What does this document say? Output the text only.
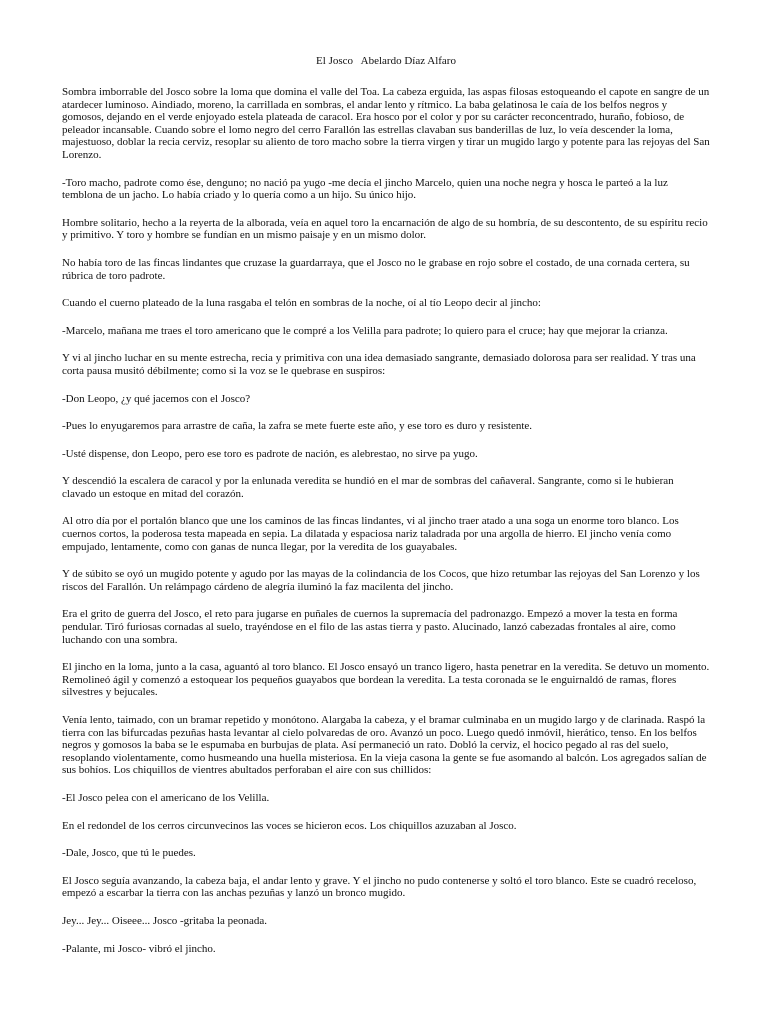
El Josco   Abelardo Díaz Alfaro

Sombra imborrable del Josco sobre la loma que domina el valle del Toa. La cabeza erguida, las aspas filosas estoqueando el capote en sangre de un atardecer luminoso. Aindiado, moreno, la carrillada en sombras, el andar lento y rítmico. La baba gelatinosa le caía de los belfos negros y gomosos, dejando en el verde enjoyado estela plateada de caracol. Era hosco por el color y por su carácter reconcentrado, huraño, fobioso, de peleador incansable. Cuando sobre el lomo negro del cerro Farallón las estrellas clavaban sus banderillas de luz, lo veía descender la loma, majestuoso, doblar la recia cerviz, resoplar su aliento de toro macho sobre la tierra virgen y tirar un mugido largo y potente para las rejoyas del San Lorenzo.

-Toro macho, padrote como ése, denguno; no nació pa yugo -me decía el jincho Marcelo, quien una noche negra y hosca le parteó a la luz temblona de un jacho. Lo había criado y lo quería como a un hijo. Su único hijo.

Hombre solitario, hecho a la reyerta de la alborada, veía en aquel toro la encarnación de algo de su hombría, de su descontento, de su espíritu recio y primitivo. Y toro y hombre se fundían en un mismo paisaje y en un mismo dolor.

No había toro de las fincas lindantes que cruzase la guardarraya, que el Josco no le grabase en rojo sobre el costado, de una cornada certera, su rúbrica de toro padrote.

Cuando el cuerno plateado de la luna rasgaba el telón en sombras de la noche, oí al tío Leopo decir al jincho:

-Marcelo, mañana me traes el toro americano que le compré a los Velilla para padrote; lo quiero para el cruce; hay que mejorar la crianza.

Y vi al jincho luchar en su mente estrecha, recia y primitiva con una idea demasiado sangrante, demasiado dolorosa para ser realidad. Y tras una corta pausa musitó débilmente; como si la voz se le quebrase en suspiros:

-Don Leopo, ¿y qué jacemos con el Josco?

-Pues lo enyugaremos para arrastre de caña, la zafra se mete fuerte este año, y ese toro es duro y resistente.

-Usté dispense, don Leopo, pero ese toro es padrote de nación, es alebrestao, no sirve pa yugo.

Y descendió la escalera de caracol y por la enlunada veredita se hundió en el mar de sombras del cañaveral. Sangrante, como si le hubieran clavado un estoque en mitad del corazón.

Al otro día por el portalón blanco que une los caminos de las fincas lindantes, vi al jincho traer atado a una soga un enorme toro blanco. Los cuernos cortos, la poderosa testa mapeada en sepia. La dilatada y espaciosa nariz taladrada por una argolla de hierro. El jincho venía como empujado, lentamente, como con ganas de nunca llegar, por la veredita de los guayabales.

Y de súbito se oyó un mugido potente y agudo por las mayas de la colindancia de los Cocos, que hizo retumbar las rejoyas del San Lorenzo y los riscos del Farallón. Un relámpago cárdeno de alegría iluminó la faz macilenta del jincho.

Era el grito de guerra del Josco, el reto para jugarse en puñales de cuernos la supremacía del padronazgo. Empezó a mover la testa en forma pendular. Tiró furiosas cornadas al suelo, trayéndose en el filo de las astas tierra y pasto. Alucinado, lanzó cabezadas frontales al aire, como luchando con una sombra.

El jincho en la loma, junto a la casa, aguantó al toro blanco. El Josco ensayó un tranco ligero, hasta penetrar en la veredita. Se detuvo un momento. Remolineó ágil y comenzó a estoquear los pequeños guayabos que bordean la veredita. La testa coronada se le enguirnaldó de ramas, flores silvestres y bejucales.

Venía lento, taimado, con un bramar repetido y monótono. Alargaba la cabeza, y el bramar culminaba en un mugido largo y de clarinada. Raspó la tierra con las bifurcadas pezuñas hasta levantar al cielo polvaredas de oro. Avanzó un poco. Luego quedó inmóvil, hierático, tenso. En los belfos negros y gomosos la baba se le espumaba en burbujas de plata. Así permaneció un rato. Dobló la cerviz, el hocico pegado al ras del suelo, resoplando violentamente, como husmeando una huella misteriosa. En la vieja casona la gente se fue asomando al balcón. Los agregados salían de sus bohíos. Los chiquillos de vientres abultados perforaban el aire con sus chillidos:

-El Josco pelea con el americano de los Velilla.

En el redondel de los cerros circunvecinos las voces se hicieron ecos. Los chiquillos azuzaban al Josco.

-Dale, Josco, que tú le puedes.

El Josco seguía avanzando, la cabeza baja, el andar lento y grave. Y el jincho no pudo contenerse y soltó el toro blanco. Este se cuadró receloso, empezó a escarbar la tierra con las anchas pezuñas y lanzó un bronco mugido.

Jey... Jey... Oiseee... Josco -gritaba la peonada.

-Palante, mi Josco- vibró el jincho.
